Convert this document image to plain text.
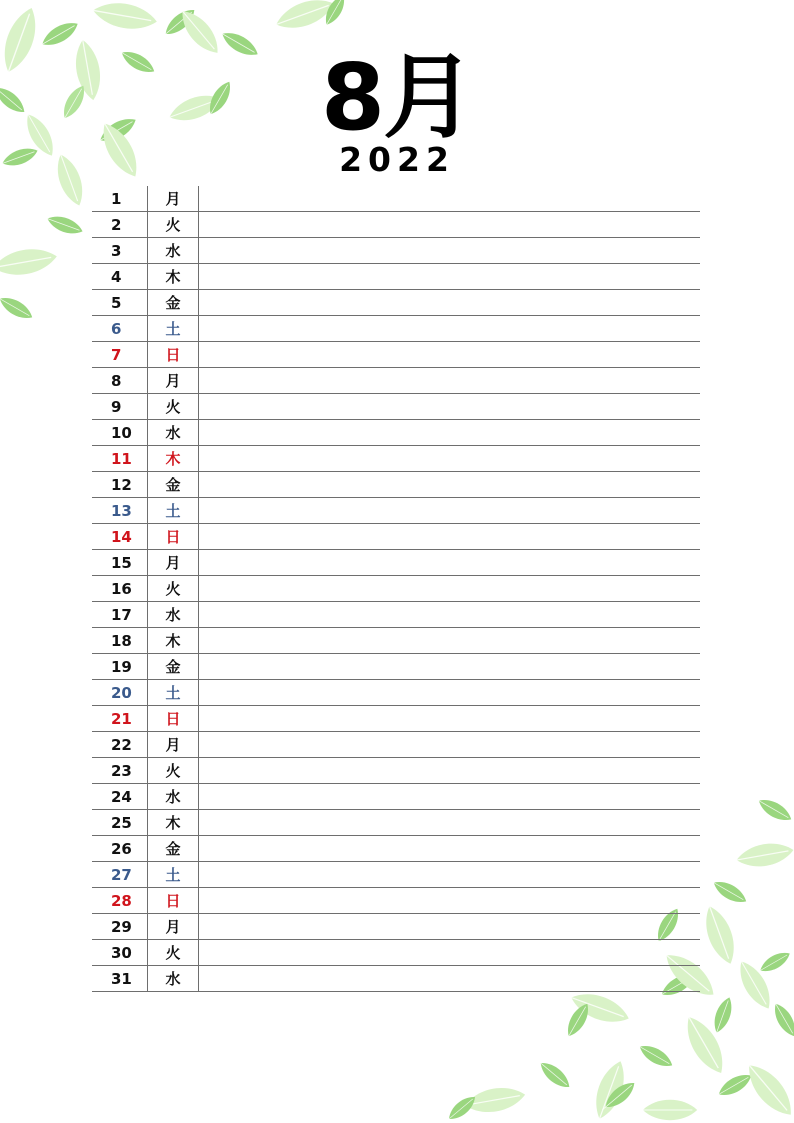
8月
2022
1	月
2	火
3	水
4	木
5	金
6	土
7	日
8	月
9	火
10	水
11	木
12	金
13	土
14	日
15	月
16	火
17	水
18	木
19	金
20	土
21	日
22	月
23	火
24	水
25	木
26	金
27	土
28	日
29	月
30	火
31	水
